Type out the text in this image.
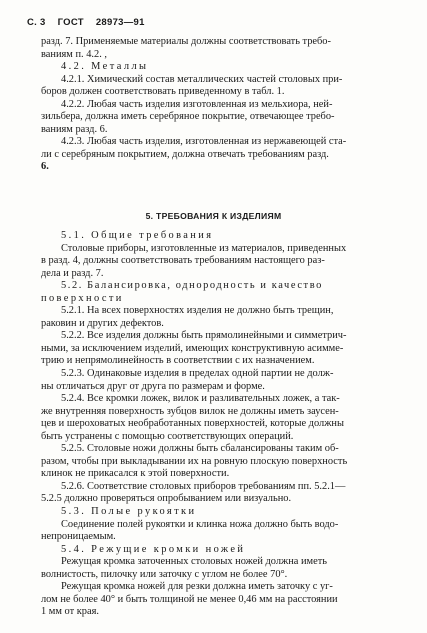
С. 3 ГОСТ 28973—91
разд. 7. Применяемые материалы должны соответствовать требо-
ваниям п. 4.2. ,
4.2. Металлы
4.2.1. Химический состав металлических частей столовых при-
боров должен соответствовать приведенному в табл. 1.
4.2.2. Любая часть изделия изготовленная из мельхиора, ней-
зильбера, должна иметь серебряное покрытие, отвечающее требо-
ваниям разд. 6.
4.2.3. Любая часть изделия, изготовленная из нержавеющей ста-
ли с серебряным покрытием, должна отвечать требованиям разд.
6.
5. ТРЕБОВАНИЯ К ИЗДЕЛИЯМ
5.1. Общие требования
Столовые приборы, изготовленные из материалов, приведенных
в разд. 4, должны соответствовать требованиям настоящего раз-
дела и разд. 7.
5.2. Балансировка, однородность и качество
поверхности
5.2.1. На всех поверхностях изделия не должно быть трещин,
раковин и других дефектов.
5.2.2. Все изделия должны быть прямолинейными и симметрич-
ными, за исключением изделий, имеющих конструктивную асимме-
трию и непрямолинейность в соответствии с их назначением.
5.2.3. Одинаковые изделия в пределах одной партии не долж-
ны отличаться друг от друга по размерам и форме.
5.2.4. Все кромки ложек, вилок и разливательных ложек, а так-
же внутренняя поверхность зубцов вилок не должны иметь заусен-
цев и шероховатых необработанных поверхностей, которые должны
быть устранены с помощью соответствующих операций.
5.2.5. Столовые ножи должны быть сбалансированы таким об-
разом, чтобы при выкладывании их на ровную плоскую поверхность
клинок не прикасался к этой поверхности.
5.2.6. Соответствие столовых приборов требованиям пп. 5.2.1—
5.2.5 должно проверяться опробыванием или визуально.
5.3. Полые рукоятки
Соединение полей рукоятки и клинка ножа должно быть водо-
непроницаемым.
5.4. Режущие кромки ножей
Режущая кромка заточенных столовых ножей должна иметь
волнистость, пилочку или заточку с углом не более 70°.
Режущая кромка ножей для резки должна иметь заточку с уг-
лом не более 40° и быть толщиной не менее 0,46 мм на расстоянии
1 мм от края.
